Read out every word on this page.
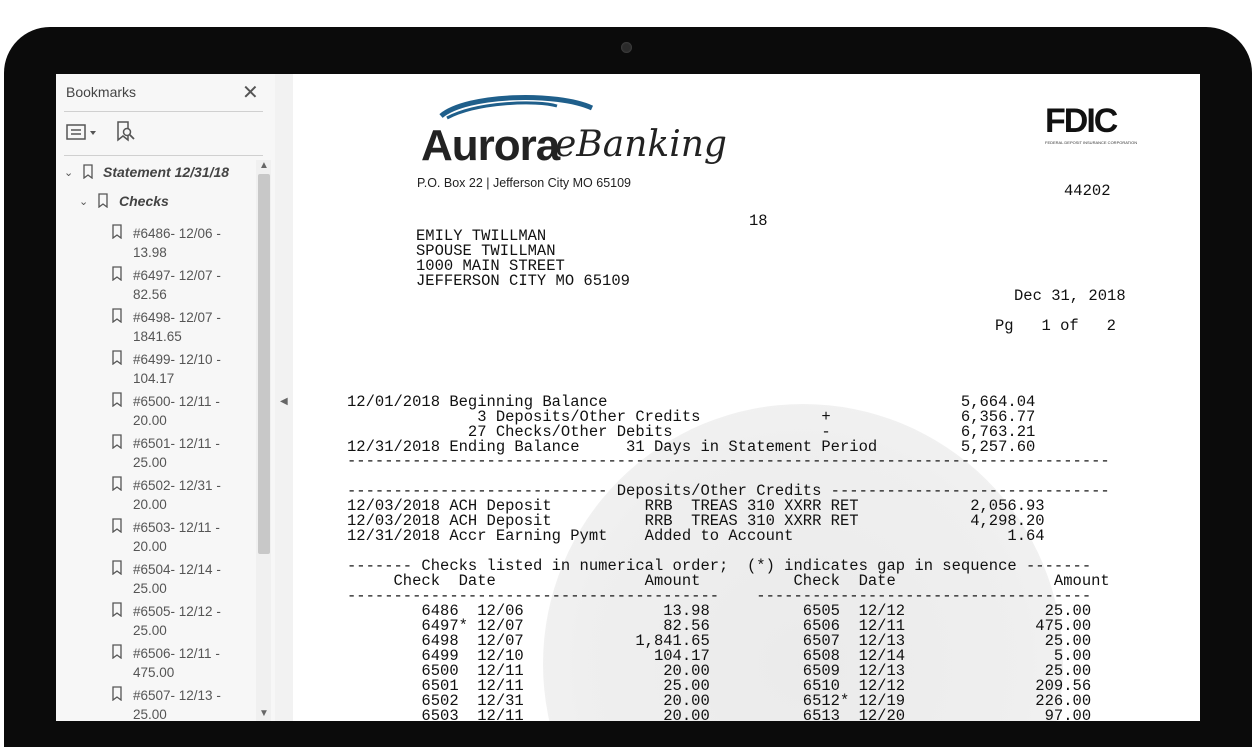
Bookmarks	✕
⌄ Statement 12/31/18
⌄ Checks
#6486- 12/06 -
13.98
#6497- 12/07 -
82.56
#6498- 12/07 -
1841.65
#6499- 12/10 -
104.17
#6500- 12/11 -
20.00
#6501- 12/11 -
25.00
#6502- 12/31 -
20.00
#6503- 12/11 -
20.00
#6504- 12/14 -
25.00
#6505- 12/12 -
25.00
#6506- 12/11 -
475.00
#6507- 12/13 -
25.00
▲
▼
◀
Aurora
eBanking
P.O. Box 22 | Jefferson City MO 65109
FDIC
FEDERAL DEPOSIT INSURANCE CORPORATION
44202
18
EMILY TWILLMAN
SPOUSE TWILLMAN
1000 MAIN STREET
JEFFERSON CITY MO 65109
Dec 31, 2018
Pg   1 of   2
12/01/2018 Beginning Balance                                      5,664.04
3 Deposits/Other Credits             +              6,356.77
27 Checks/Other Debits                -              6,763.21
12/31/2018 Ending Balance     31 Days in Statement Period         5,257.60
----------------------------------------------------------------------------------
---------------------------- Deposits/Other Credits ------------------------------
12/03/2018 ACH Deposit          RRB  TREAS 310 XXRR RET            2,056.93
12/03/2018 ACH Deposit          RRB  TREAS 310 XXRR RET            4,298.20
12/31/2018 Accr Earning Pymt    Added to Account                       1.64
------- Checks listed in numerical order;  (*) indicates gap in sequence -------
Check  Date                Amount          Check  Date                 Amount
----------------------------------------    ------------------------------------
6486  12/06               13.98          6505  12/12               25.00
6497* 12/07               82.56          6506  12/11              475.00
6498  12/07            1,841.65          6507  12/13               25.00
6499  12/10              104.17          6508  12/14                5.00
6500  12/11               20.00          6509  12/13               25.00
6501  12/11               25.00          6510  12/12              209.56
6502  12/31               20.00          6512* 12/19              226.00
6503  12/11               20.00          6513  12/20               97.00
